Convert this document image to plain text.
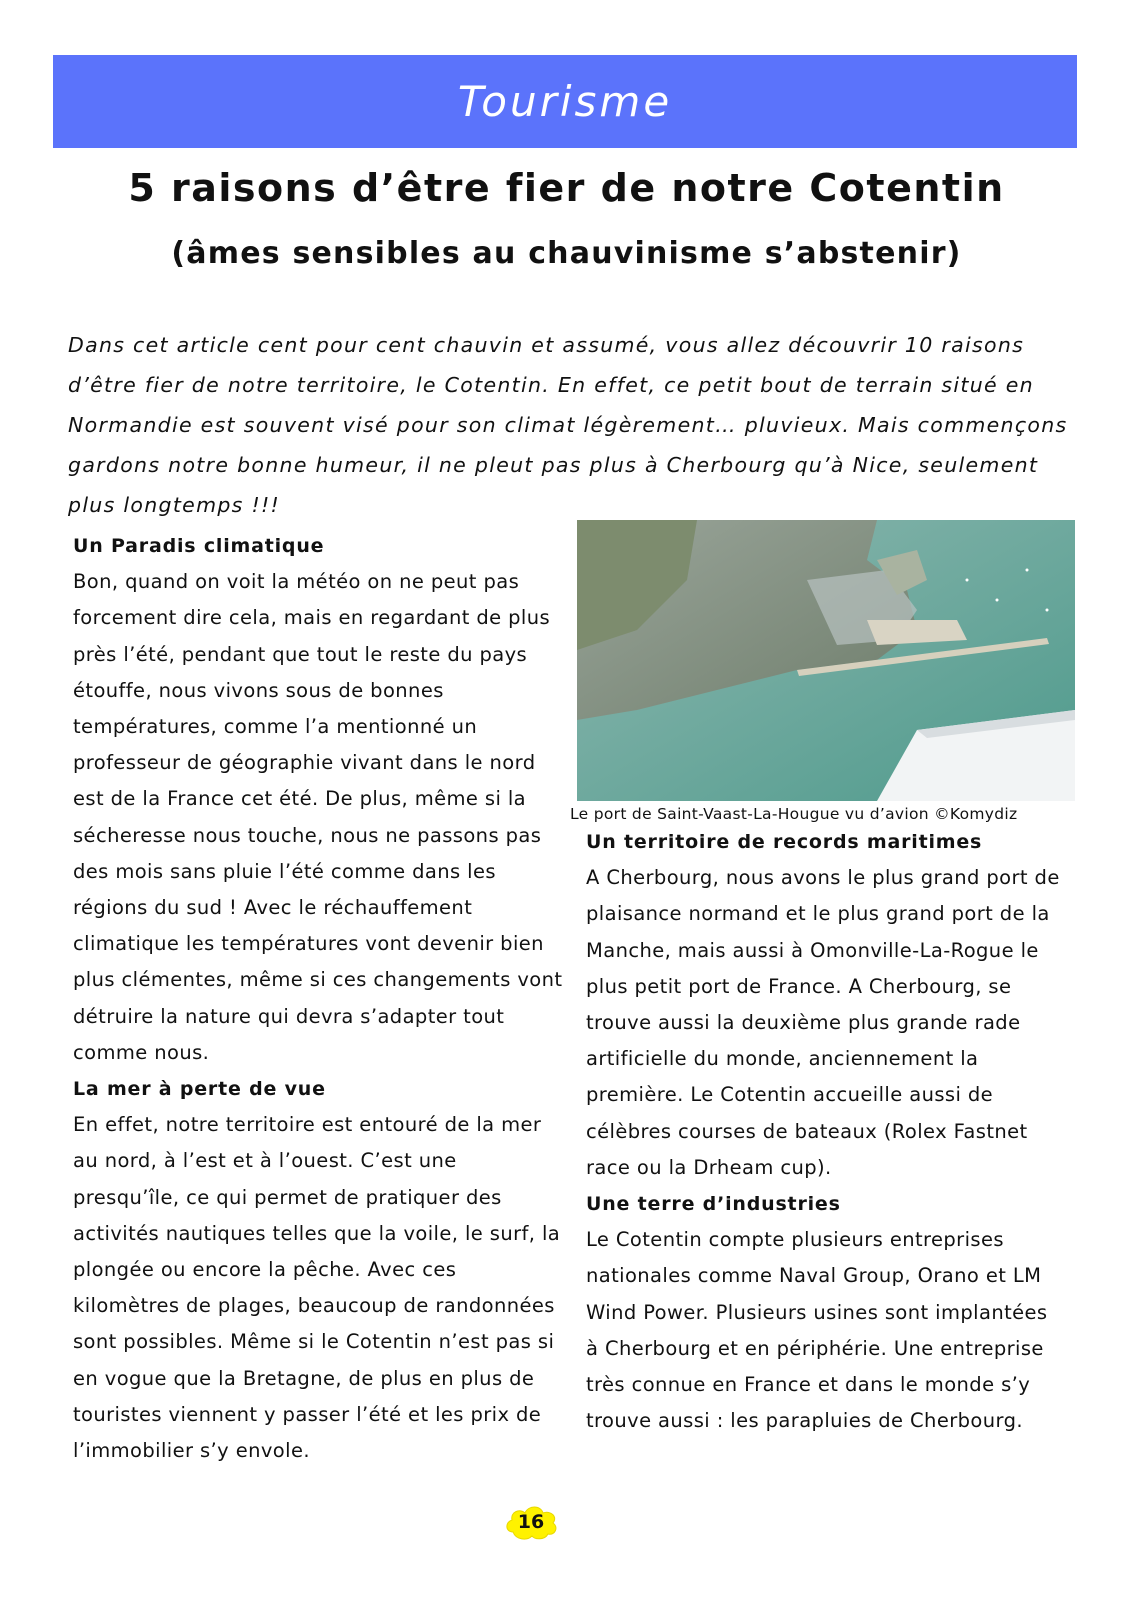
Tourisme
5 raisons d’être fier de notre Cotentin
(âmes sensibles au chauvinisme s’abstenir)

Dans cet article cent pour cent chauvin et assumé, vous allez découvrir 10 raisons d’être fier de notre territoire, le Cotentin. En effet, ce petit bout de terrain situé en Normandie est souvent visé pour son climat légèrement… pluvieux. Mais commençons gardons notre bonne humeur, il ne pleut pas plus à Cherbourg qu’à Nice, seulement plus longtemps !!!

Un Paradis climatique

Bon, quand on voit la météo on ne peut pas forcement dire cela, mais en regardant de plus près l’été, pendant que tout le reste du pays étouffe, nous vivons sous de bonnes températures, comme l’a mentionné un professeur de géographie vivant dans le nord est de la France cet été. De plus, même si la sécheresse nous touche, nous ne passons pas des mois sans pluie l’été comme dans les régions du sud ! Avec le réchauffement climatique les températures vont devenir bien plus clémentes, même si ces changements vont détruire la nature qui devra s’adapter tout comme nous.

La mer à perte de vue

En effet, notre territoire est entouré de la mer au nord, à l’est et à l’ouest. C’est une presqu’île, ce qui permet de pratiquer des activités nautiques telles que la voile, le surf, la plongée ou encore la pêche. Avec ces kilomètres de plages, beaucoup de randonnées sont possibles. Même si le Cotentin n’est pas si en vogue que la Bretagne, de plus en plus de touristes viennent y passer l’été et les prix de l’immobilier s’y envole.

Le port de Saint-Vaast-La-Hougue vu d’avion ©Komydiz

Un territoire de records maritimes

A Cherbourg, nous avons le plus grand port de plaisance normand et le plus grand port de la Manche, mais aussi à Omonville-La-Rogue le plus petit port de France. A Cherbourg, se trouve aussi la deuxième plus grande rade artificielle du monde, anciennement la première. Le Cotentin accueille aussi de célèbres courses de bateaux (Rolex Fastnet race ou la Drheam cup).

Une terre d’industries

Le Cotentin compte plusieurs entreprises nationales comme Naval Group, Orano et LM Wind Power. Plusieurs usines sont implantées à Cherbourg et en périphérie. Une entreprise très connue en France et dans le monde s’y trouve aussi : les parapluies de Cherbourg.

16
